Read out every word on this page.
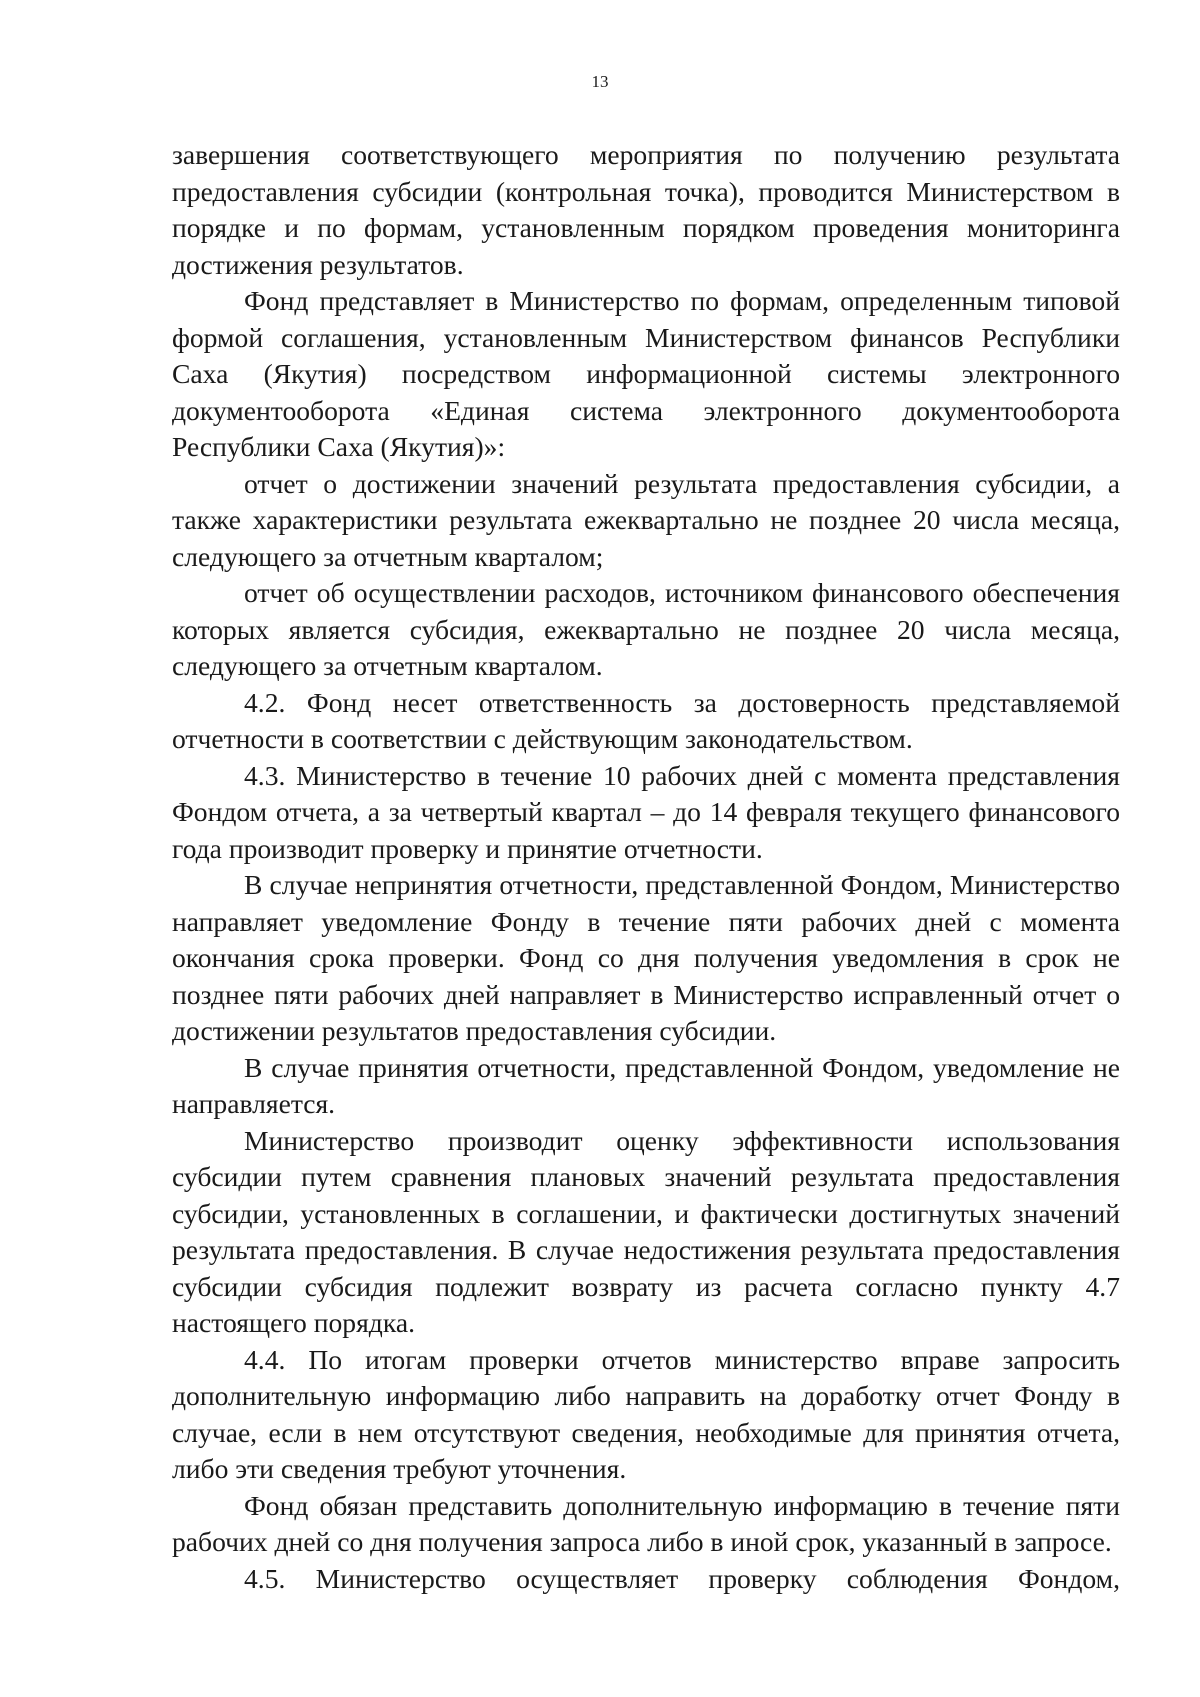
13

завершения соответствующего мероприятия по получению результата предоставления субсидии (контрольная точка), проводится Министерством в порядке и по формам, установленным порядком проведения мониторинга достижения результатов.

Фонд представляет в Министерство по формам, определенным типовой формой соглашения, установленным Министерством финансов Республики Саха (Якутия) посредством информационной системы электронного документооборота «Единая система электронного документооборота Республики Саха (Якутия)»:

отчет о достижении значений результата предоставления субсидии, а также характеристики результата ежеквартально не позднее 20 числа месяца, следующего за отчетным кварталом;

отчет об осуществлении расходов, источником финансового обеспечения которых является субсидия, ежеквартально не позднее 20 числа месяца, следующего за отчетным кварталом.

4.2. Фонд несет ответственность за достоверность представляемой отчетности в соответствии с действующим законодательством.

4.3. Министерство в течение 10 рабочих дней с момента представления Фондом отчета, а за четвертый квартал – до 14 февраля текущего финансового года производит проверку и принятие отчетности.

В случае непринятия отчетности, представленной Фондом, Министерство направляет уведомление Фонду в течение пяти рабочих дней с момента окончания срока проверки. Фонд со дня получения уведомления в срок не позднее пяти рабочих дней направляет в Министерство исправленный отчет о достижении результатов предоставления субсидии.

В случае принятия отчетности, представленной Фондом, уведомление не направляется.

Министерство производит оценку эффективности использования субсидии путем сравнения плановых значений результата предоставления субсидии, установленных в соглашении, и фактически достигнутых значений результата предоставления. В случае недостижения результата предоставления субсидии субсидия подлежит возврату из расчета согласно пункту 4.7 настоящего порядка.

4.4. По итогам проверки отчетов министерство вправе запросить дополнительную информацию либо направить на доработку отчет Фонду в случае, если в нем отсутствуют сведения, необходимые для принятия отчета, либо эти сведения требуют уточнения.

Фонд обязан представить дополнительную информацию в течение пяти рабочих дней со дня получения запроса либо в иной срок, указанный в запросе.

4.5. Министерство осуществляет проверку соблюдения Фондом,
